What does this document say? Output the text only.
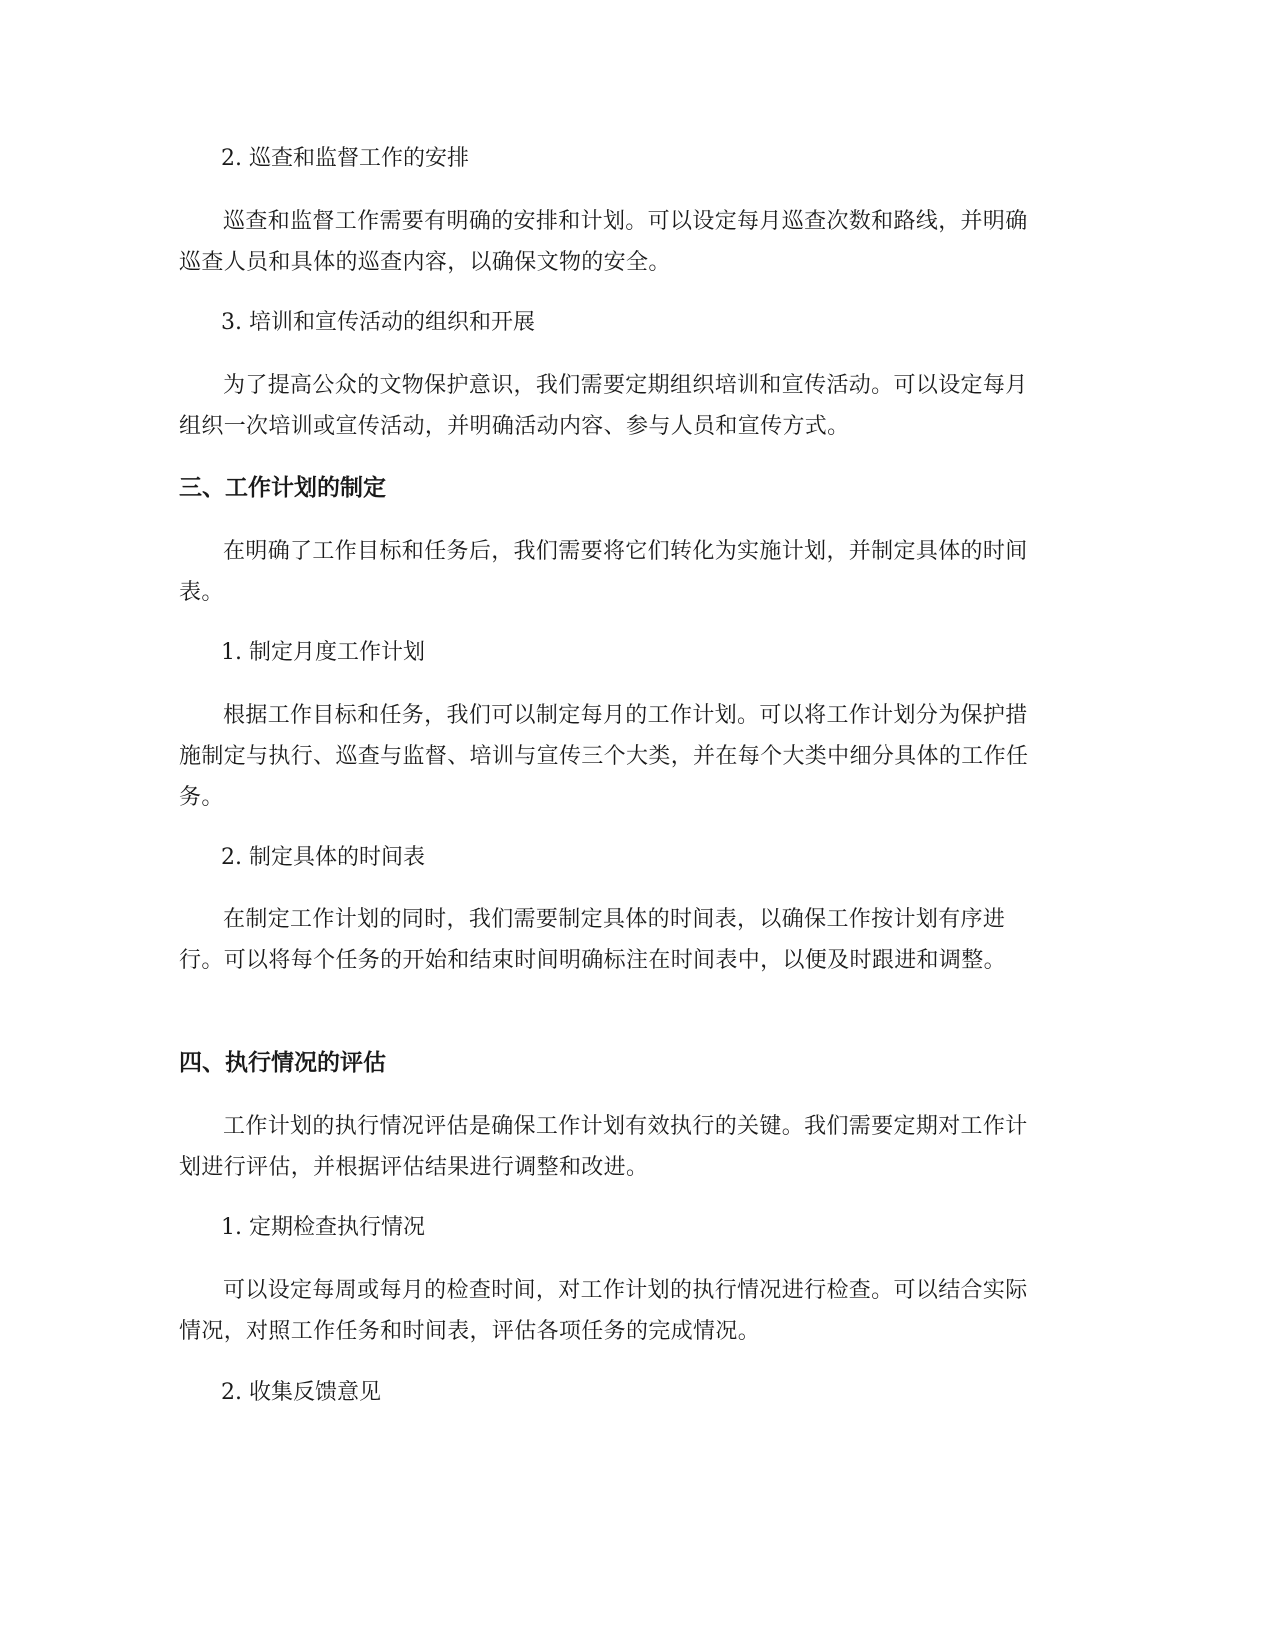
2. 巡查和监督工作的安排

巡查和监督工作需要有明确的安排和计划。可以设定每月巡查次数和路线，并明确巡查人员和具体的巡查内容，以确保文物的安全。

3. 培训和宣传活动的组织和开展

为了提高公众的文物保护意识，我们需要定期组织培训和宣传活动。可以设定每月组织一次培训或宣传活动，并明确活动内容、参与人员和宣传方式。

三、工作计划的制定

在明确了工作目标和任务后，我们需要将它们转化为实施计划，并制定具体的时间表。

1. 制定月度工作计划

根据工作目标和任务，我们可以制定每月的工作计划。可以将工作计划分为保护措施制定与执行、巡查与监督、培训与宣传三个大类，并在每个大类中细分具体的工作任务。

2. 制定具体的时间表

在制定工作计划的同时，我们需要制定具体的时间表，以确保工作按计划有序进行。可以将每个任务的开始和结束时间明确标注在时间表中，以便及时跟进和调整。

四、执行情况的评估

工作计划的执行情况评估是确保工作计划有效执行的关键。我们需要定期对工作计划进行评估，并根据评估结果进行调整和改进。

1. 定期检查执行情况

可以设定每周或每月的检查时间，对工作计划的执行情况进行检查。可以结合实际情况，对照工作任务和时间表，评估各项任务的完成情况。

2. 收集反馈意见
